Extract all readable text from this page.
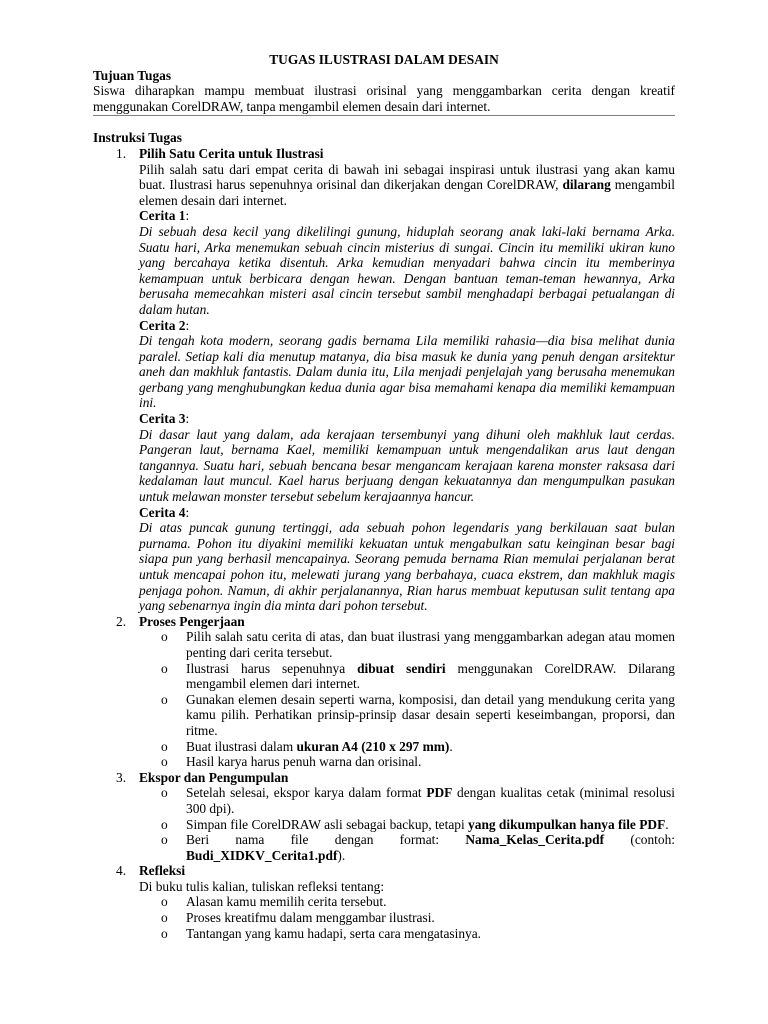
TUGAS ILUSTRASI DALAM DESAIN
Tujuan Tugas
Siswa diharapkan mampu membuat ilustrasi orisinal yang menggambarkan cerita dengan kreatif menggunakan CorelDRAW, tanpa mengambil elemen desain dari internet.
Instruksi Tugas
1. Pilih Satu Cerita untuk Ilustrasi
Pilih salah satu dari empat cerita di bawah ini sebagai inspirasi untuk ilustrasi yang akan kamu buat. Ilustrasi harus sepenuhnya orisinal dan dikerjakan dengan CorelDRAW, dilarang mengambil elemen desain dari internet.
Cerita 1:
Di sebuah desa kecil yang dikelilingi gunung, hiduplah seorang anak laki-laki bernama Arka. Suatu hari, Arka menemukan sebuah cincin misterius di sungai. Cincin itu memiliki ukiran kuno yang bercahaya ketika disentuh. Arka kemudian menyadari bahwa cincin itu memberinya kemampuan untuk berbicara dengan hewan. Dengan bantuan teman-teman hewannya, Arka berusaha memecahkan misteri asal cincin tersebut sambil menghadapi berbagai petualangan di dalam hutan.
Cerita 2:
Di tengah kota modern, seorang gadis bernama Lila memiliki rahasia—dia bisa melihat dunia paralel. Setiap kali dia menutup matanya, dia bisa masuk ke dunia yang penuh dengan arsitektur aneh dan makhluk fantastis. Dalam dunia itu, Lila menjadi penjelajah yang berusaha menemukan gerbang yang menghubungkan kedua dunia agar bisa memahami kenapa dia memiliki kemampuan ini.
Cerita 3:
Di dasar laut yang dalam, ada kerajaan tersembunyi yang dihuni oleh makhluk laut cerdas. Pangeran laut, bernama Kael, memiliki kemampuan untuk mengendalikan arus laut dengan tangannya. Suatu hari, sebuah bencana besar mengancam kerajaan karena monster raksasa dari kedalaman laut muncul. Kael harus berjuang dengan kekuatannya dan mengumpulkan pasukan untuk melawan monster tersebut sebelum kerajaannya hancur.
Cerita 4:
Di atas puncak gunung tertinggi, ada sebuah pohon legendaris yang berkilauan saat bulan purnama. Pohon itu diyakini memiliki kekuatan untuk mengabulkan satu keinginan besar bagi siapa pun yang berhasil mencapainya. Seorang pemuda bernama Rian memulai perjalanan berat untuk mencapai pohon itu, melewati jurang yang berbahaya, cuaca ekstrem, dan makhluk magis penjaga pohon. Namun, di akhir perjalanannya, Rian harus membuat keputusan sulit tentang apa yang sebenarnya ingin dia minta dari pohon tersebut.
2. Proses Pengerjaan
o Pilih salah satu cerita di atas, dan buat ilustrasi yang menggambarkan adegan atau momen penting dari cerita tersebut.
o Ilustrasi harus sepenuhnya dibuat sendiri menggunakan CorelDRAW. Dilarang mengambil elemen dari internet.
o Gunakan elemen desain seperti warna, komposisi, dan detail yang mendukung cerita yang kamu pilih. Perhatikan prinsip-prinsip dasar desain seperti keseimbangan, proporsi, dan ritme.
o Buat ilustrasi dalam ukuran A4 (210 x 297 mm).
o Hasil karya harus penuh warna dan orisinal.
3. Ekspor dan Pengumpulan
o Setelah selesai, ekspor karya dalam format PDF dengan kualitas cetak (minimal resolusi 300 dpi).
o Simpan file CorelDRAW asli sebagai backup, tetapi yang dikumpulkan hanya file PDF.
o Beri nama file dengan format: Nama_Kelas_Cerita.pdf (contoh:
Budi_XIDKV_Cerita1.pdf).
4. Refleksi
Di buku tulis kalian, tuliskan refleksi tentang:
o Alasan kamu memilih cerita tersebut.
o Proses kreatifmu dalam menggambar ilustrasi.
o Tantangan yang kamu hadapi, serta cara mengatasinya.
